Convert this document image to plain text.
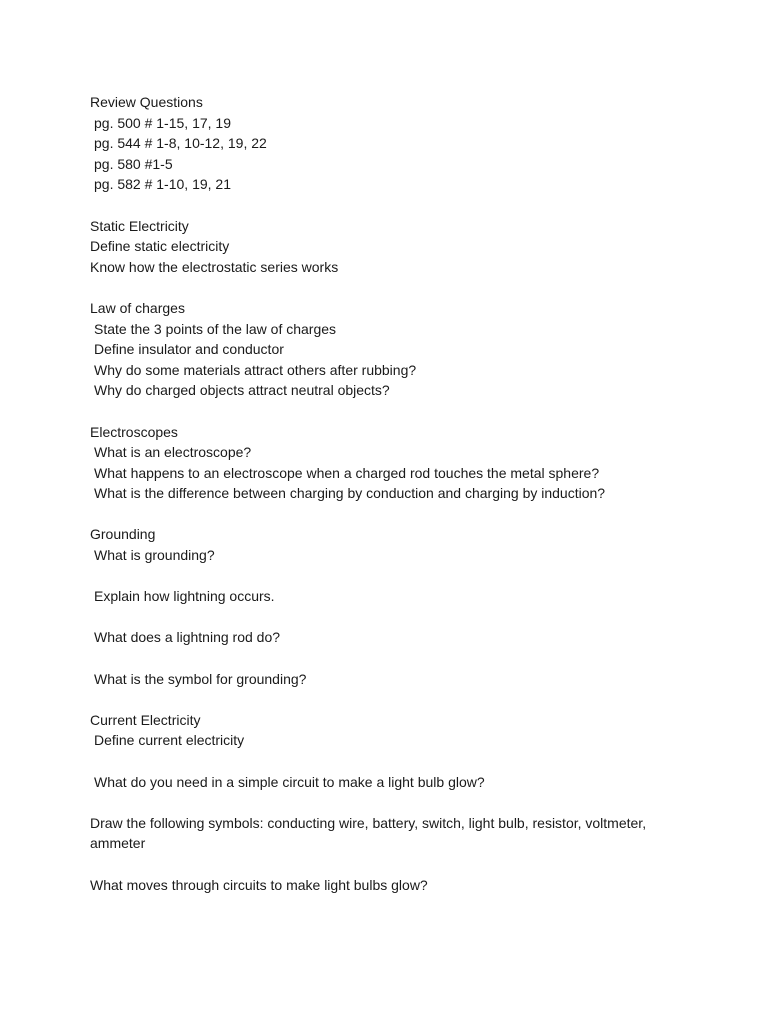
Review Questions
pg. 500 # 1-15, 17, 19
pg. 544 # 1-8, 10-12, 19, 22
pg. 580 #1-5
pg. 582 # 1-10, 19, 21
Static Electricity
Define static electricity
Know how the electrostatic series works
Law of charges
State the 3 points of the law of charges
Define insulator and conductor
Why do some materials attract others after rubbing?
Why do charged objects attract neutral objects?
Electroscopes
What is an electroscope?
What happens to an electroscope when a charged rod touches the metal sphere?
What is the difference between charging by conduction and charging by induction?
Grounding
What is grounding?
Explain how lightning occurs.
What does a lightning rod do?
What is the symbol for grounding?
Current Electricity
Define current electricity
What do you need in a simple circuit to make a light bulb glow?
Draw the following symbols: conducting wire, battery, switch, light bulb, resistor, voltmeter, ammeter
What moves through circuits to make light bulbs glow?
